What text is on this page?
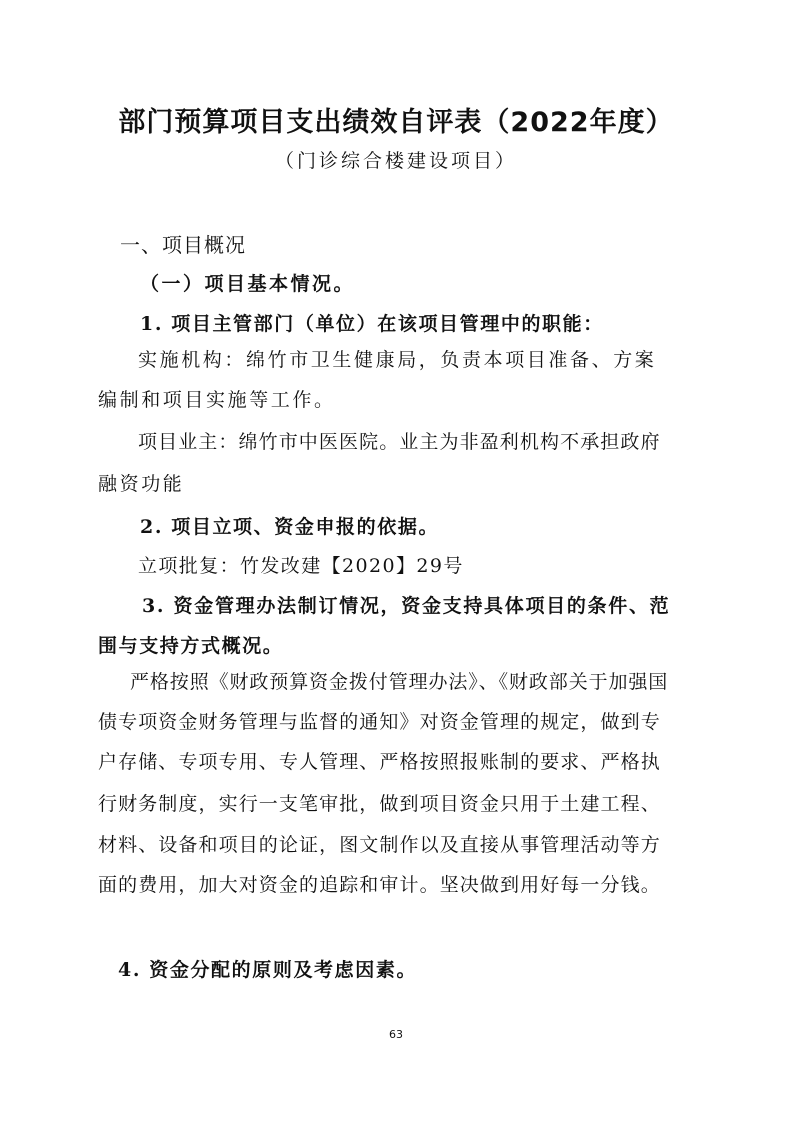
部门预算项目支出绩效自评表（2022年度）
（门诊综合楼建设项目）
一、项目概况
（一）项目基本情况。
1. 项目主管部门（单位）在该项目管理中的职能：
实施机构：绵竹市卫生健康局，负责本项目准备、方案
编制和项目实施等工作。
项目业主：绵竹市中医医院。业主为非盈利机构不承担政府
融资功能
2. 项目立项、资金申报的依据。
立项批复：竹发改建【2020】29号
3. 资金管理办法制订情况，资金支持具体项目的条件、范
围与支持方式概况。
严格按照《财政预算资金拨付管理办法》、《财政部关于加强国
债专项资金财务管理与监督的通知》对资金管理的规定，做到专
户存储、专项专用、专人管理、严格按照报账制的要求、严格执
行财务制度，实行一支笔审批，做到项目资金只用于土建工程、
材料、设备和项目的论证，图文制作以及直接从事管理活动等方
面的费用，加大对资金的追踪和审计。坚决做到用好每一分钱。
4. 资金分配的原则及考虑因素。
63
